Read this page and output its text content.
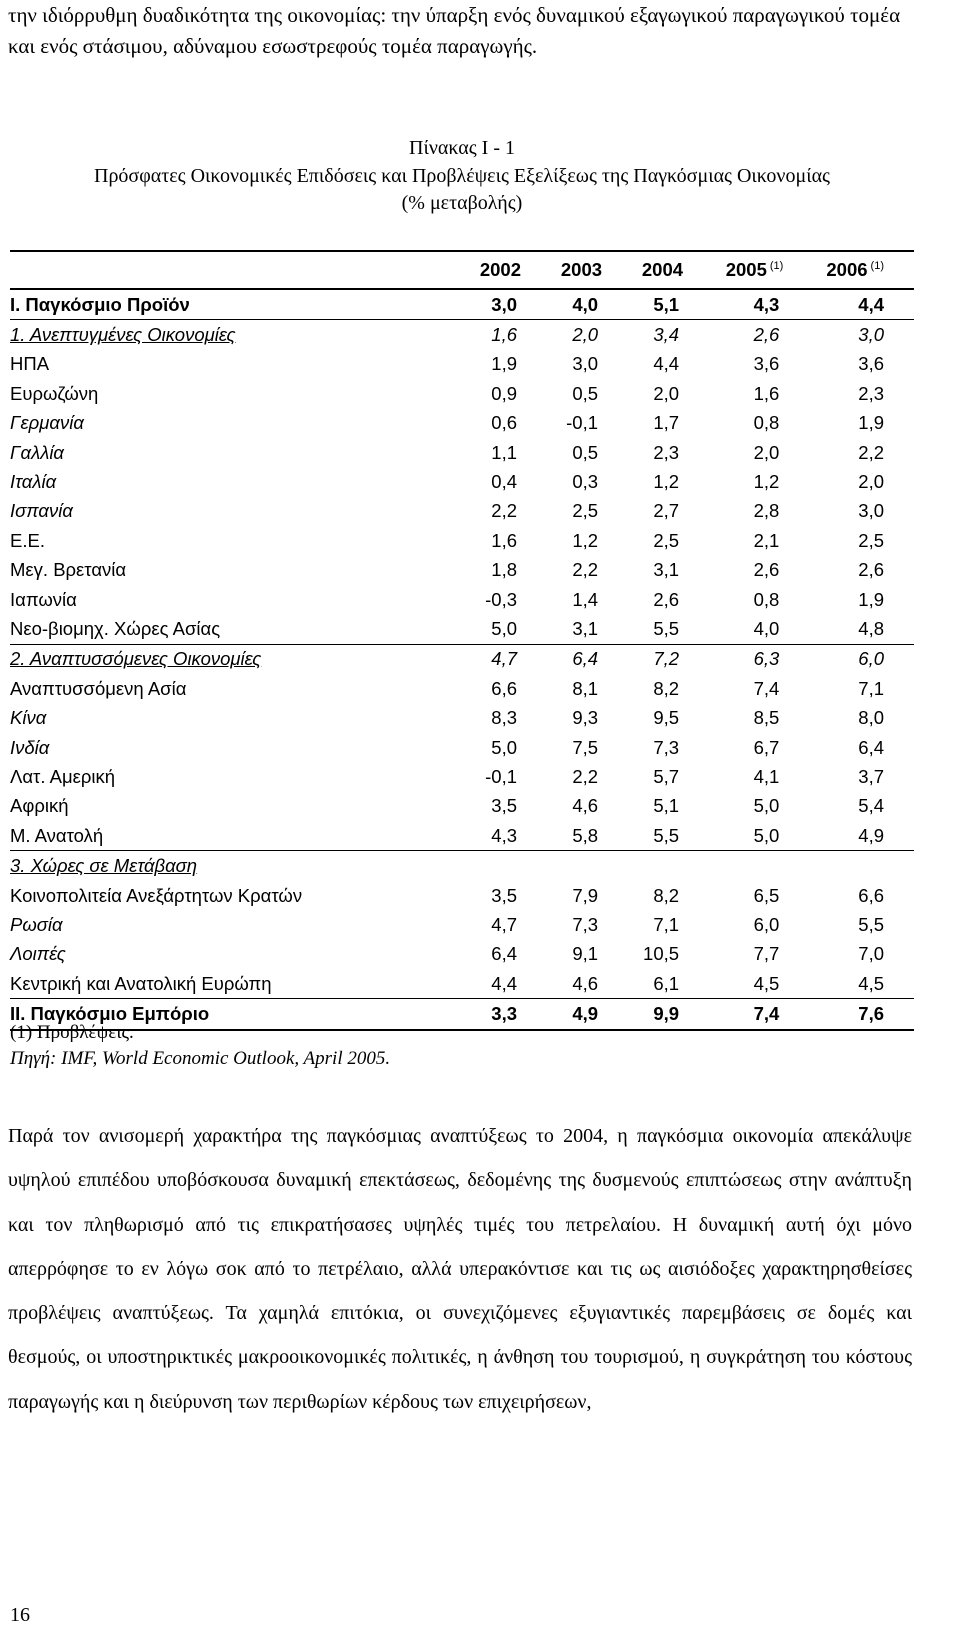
την ιδιόρρυθμη δυαδικότητα της οικονομίας: την ύπαρξη ενός δυναμικού εξαγωγικού παραγωγικού τομέα και ενός στάσιμου, αδύναμου εσωστρεφούς τομέα παραγωγής.

Πίνακας Ι - 1
Πρόσφατες Οικονομικές Επιδόσεις και Προβλέψεις Εξελίξεως της Παγκόσμιας Οικονομίας
(% μεταβολής)
	2002	2003	2004	2005 $^{(1)}$	2006 $^{(1)}$
Ι. Παγκόσμιο Προϊόν	3,0	4,0	5,1	4,3	4,4
1. Ανεπτυγμένες Οικονομίες	1,6	2,0	3,4	2,6	3,0
ΗΠΑ	1,9	3,0	4,4	3,6	3,6
Ευρωζώνη	0,9	0,5	2,0	1,6	2,3
Γερμανία	0,6	-0,1	1,7	0,8	1,9
Γαλλία	1,1	0,5	2,3	2,0	2,2
Ιταλία	0,4	0,3	1,2	1,2	2,0
Ισπανία	2,2	2,5	2,7	2,8	3,0
Ε.Ε.	1,6	1,2	2,5	2,1	2,5
Μεγ. Βρετανία	1,8	2,2	3,1	2,6	2,6
Ιαπωνία	-0,3	1,4	2,6	0,8	1,9
Νεο-βιομηχ. Χώρες Ασίας	5,0	3,1	5,5	4,0	4,8
2. Αναπτυσσόμενες Οικονομίες	4,7	6,4	7,2	6,3	6,0
Αναπτυσσόμενη Ασία	6,6	8,1	8,2	7,4	7,1
Κίνα	8,3	9,3	9,5	8,5	8,0
Ινδία	5,0	7,5	7,3	6,7	6,4
Λατ. Αμερική	-0,1	2,2	5,7	4,1	3,7
Αφρική	3,5	4,6	5,1	5,0	5,4
Μ. Ανατολή	4,3	5,8	5,5	5,0	4,9
3. Χώρες σε Μετάβαση					
Κοινοπολιτεία Ανεξάρτητων Κρατών	3,5	7,9	8,2	6,5	6,6
Ρωσία	4,7	7,3	7,1	6,0	5,5
Λοιπές	6,4	9,1	10,5	7,7	7,0
Κεντρική και Ανατολική Ευρώπη	4,4	4,6	6,1	4,5	4,5
ΙΙ. Παγκόσμιο Εμπόριο	3,3	4,9	9,9	7,4	7,6
(1) Προβλέψεις.
Πηγή: IMF, World Economic Outlook, April 2005.
Παρά τον ανισομερή χαρακτήρα της παγκόσμιας αναπτύξεως το 2004, η παγκόσμια οικονομία απεκάλυψε υψηλού επιπέδου υποβόσκουσα δυναμική επεκτάσεως, δεδομένης της δυσμενούς επιπτώσεως στην ανάπτυξη και τον πληθωρισμό από τις επικρατήσασες υψηλές τιμές του πετρελαίου. Η δυναμική αυτή όχι μόνο απερρόφησε το εν λόγω σοκ από το πετρέλαιο, αλλά υπερακόντισε και τις ως αισιόδοξες χαρακτηρησθείσες προβλέψεις αναπτύξεως. Τα χαμηλά επιτόκια, οι συνεχιζόμενες εξυγιαντικές παρεμβάσεις σε δομές και θεσμούς, οι υποστηρικτικές μακροοικονομικές πολιτικές, η άνθηση του τουρισμού, η συγκράτηση του κόστους παραγωγής και η διεύρυνση των περιθωρίων κέρδους των επιχειρήσεων,
16
